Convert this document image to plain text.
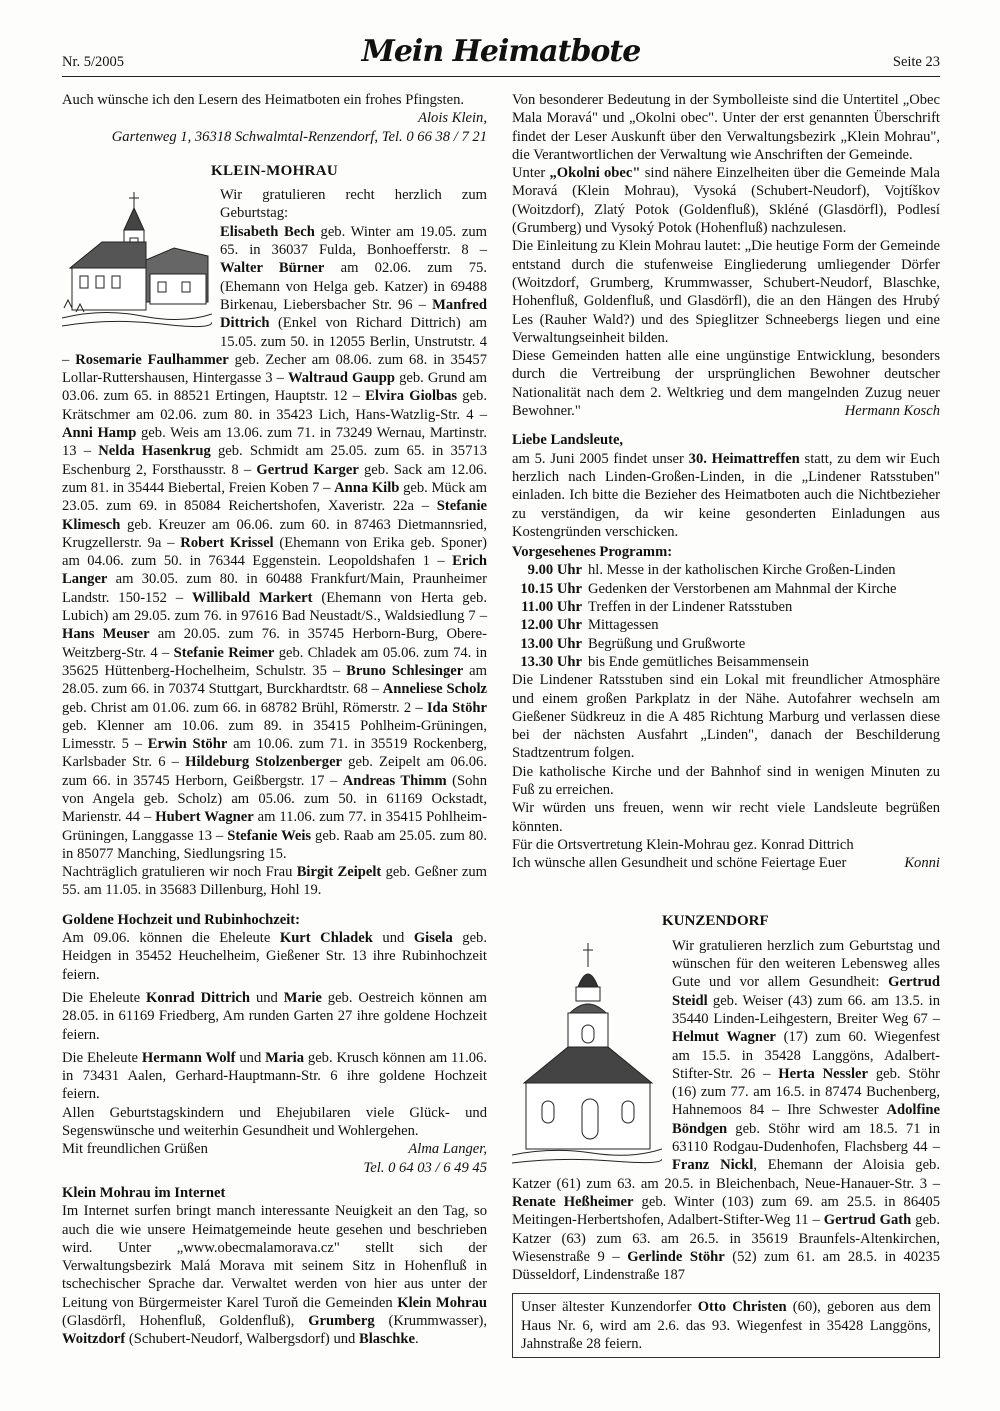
Nr. 5/2005	Mein Heimatbote	Seite 23

Auch wünsche ich den Lesern des Heimatboten ein frohes Pfingsten.

Alois Klein,

Gartenweg 1, 36318 Schwalmtal-Renzendorf, Tel. 0 66 38 / 7 21

KLEIN-MOHRAU

Wir gratulieren recht herzlich zum Geburtstag:

Elisabeth Bech geb. Winter am 19.05. zum 65. in 36037 Fulda, Bonhoefferstr. 8 – Walter Bürner am 02.06. zum 75. (Ehemann von Helga geb. Katzer) in 69488 Birkenau, Liebersbacher Str. 96 – Manfred Dittrich (Enkel von Richard Dittrich) am 15.05. zum 50. in 12055 Berlin, Unstrutstr. 4 – Rosemarie Faulhammer geb. Zecher am 08.06. zum 68. in 35457 Lollar-Ruttershausen, Hintergasse 3 – Waltraud Gaupp geb. Grund am 03.06. zum 65. in 88521 Ertingen, Hauptstr. 12 – Elvira Giolbas geb. Krätschmer am 02.06. zum 80. in 35423 Lich, Hans-Watzlig-Str. 4 – Anni Hamp geb. Weis am 13.06. zum 71. in 73249 Wernau, Martinstr. 13 – Nelda Hasenkrug geb. Schmidt am 25.05. zum 65. in 35713 Eschenburg 2, Forsthausstr. 8 – Gertrud Karger geb. Sack am 12.06. zum 81. in 35444 Biebertal, Freien Koben 7 – Anna Kilb geb. Mück am 23.05. zum 69. in 85084 Reichertshofen, Xaveristr. 22a – Stefanie Klimesch geb. Kreuzer am 06.06. zum 60. in 87463 Dietmannsried, Krugzellerstr. 9a – Robert Krissel (Ehemann von Erika geb. Sponer) am 04.06. zum 50. in 76344 Eggenstein. Leopoldshafen 1 – Erich Langer am 30.05. zum 80. in 60488 Frankfurt/Main, Praunheimer Landstr. 150-152 – Willibald Markert (Ehemann von Herta geb. Lubich) am 29.05. zum 76. in 97616 Bad Neustadt/S., Waldsiedlung 7 – Hans Meuser am 20.05. zum 76. in 35745 Herborn-Burg, Obere-Weitzberg-Str. 4 – Stefanie Reimer geb. Chladek am 05.06. zum 74. in 35625 Hüttenberg-Hochelheim, Schulstr. 35 – Bruno Schlesinger am 28.05. zum 66. in 70374 Stuttgart, Burckhardtstr. 68 – Anneliese Scholz geb. Christ am 01.06. zum 66. in 68782 Brühl, Römerstr. 2 – Ida Stöhr geb. Klenner am 10.06. zum 89. in 35415 Pohlheim-Grüningen, Limesstr. 5 – Erwin Stöhr am 10.06. zum 71. in 35519 Rockenberg, Karlsbader Str. 6 – Hildeburg Stolzenberger geb. Zeipelt am 06.06. zum 66. in 35745 Herborn, Geißbergstr. 17 – Andreas Thimm (Sohn von Angela geb. Scholz) am 05.06. zum 50. in 61169 Ockstadt, Marienstr. 44 – Hubert Wagner am 11.06. zum 77. in 35415 Pohlheim-Grüningen, Langgasse 13 – Stefanie Weis geb. Raab am 25.05. zum 80. in 85077 Manching, Siedlungsring 15.

Nachträglich gratulieren wir noch Frau Birgit Zeipelt geb. Geßner zum 55. am 11.05. in 35683 Dillenburg, Hohl 19.

Goldene Hochzeit und Rubinhochzeit:

Am 09.06. können die Eheleute Kurt Chladek und Gisela geb. Heidgen in 35452 Heuchelheim, Gießener Str. 13 ihre Rubinhochzeit feiern.

Die Eheleute Konrad Dittrich und Marie geb. Oestreich können am 28.05. in 61169 Friedberg, Am runden Garten 27 ihre goldene Hochzeit feiern.

Die Eheleute Hermann Wolf und Maria geb. Krusch können am 11.06. in 73431 Aalen, Gerhard-Hauptmann-Str. 6 ihre goldene Hochzeit feiern.

Allen Geburtstagskindern und Ehejubilaren viele Glück- und Segenswünsche und weiterhin Gesundheit und Wohlergehen.

Mit freundlichen Grüßen	Alma Langer,

Tel. 0 64 03 / 6 49 45

Klein Mohrau im Internet

Im Internet surfen bringt manch interessante Neuigkeit an den Tag, so auch die wie unsere Heimatgemeinde heute gesehen und beschrieben wird. Unter „www.obecmalamorava.cz" stellt sich der Verwaltungsbezirk Malá Morava mit seinem Sitz in Hohenfluß in tschechischer Sprache dar. Verwaltet werden von hier aus unter der Leitung von Bürgermeister Karel Turoň die Gemeinden Klein Mohrau (Glasdörfl, Hohenfluß, Goldenfluß), Grumberg (Krummwasser), Woitzdorf (Schubert-Neudorf, Walbergsdorf) und Blaschke.

Von besonderer Bedeutung in der Symbolleiste sind die Untertitel „Obec Mala Moravá" und „Okolni obec". Unter der erst genannten Überschrift findet der Leser Auskunft über den Verwaltungsbezirk „Klein Mohrau", die Verantwortlichen der Verwaltung wie Anschriften der Gemeinde.

Unter „Okolni obec" sind nähere Einzelheiten über die Gemeinde Mala Moravá (Klein Mohrau), Vysoká (Schubert-Neudorf), Vojtíškov (Woitzdorf), Zlatý Potok (Goldenfluß), Skléné (Glasdörfl), Podlesí (Grumberg) und Vysoký Potok (Hohenfluß) nachzulesen.

Die Einleitung zu Klein Mohrau lautet: „Die heutige Form der Gemeinde entstand durch die stufenweise Eingliederung umliegender Dörfer (Woitzdorf, Grumberg, Krummwasser, Schubert-Neudorf, Blaschke, Hohenfluß, Goldenfluß, und Glasdörfl), die an den Hängen des Hrubý Les (Rauher Wald?) und des Spieglitzer Schneebergs liegen und eine Verwaltungseinheit bilden.

Diese Gemeinden hatten alle eine ungünstige Entwicklung, besonders durch die Vertreibung der ursprünglichen Bewohner deutscher Nationalität nach dem 2. Weltkrieg und dem mangelnden Zuzug neuer Bewohner."	Hermann Kosch

Liebe Landsleute,

am 5. Juni 2005 findet unser 30. Heimattreffen statt, zu dem wir Euch herzlich nach Linden-Großen-Linden, in die „Lindener Ratsstuben" einladen. Ich bitte die Bezieher des Heimatboten auch die Nichtbezieher zu verständigen, da wir keine gesonderten Einladungen aus Kostengründen verschicken.

Vorgesehenes Programm:

9.00 Uhr hl. Messe in der katholischen Kirche Großen-Linden
10.15 Uhr Gedenken der Verstorbenen am Mahnmal der Kirche
11.00 Uhr Treffen in der Lindener Ratsstuben
12.00 Uhr Mittagessen
13.00 Uhr Begrüßung und Grußworte
13.30 Uhr bis Ende gemütliches Beisammensein

Die Lindener Ratsstuben sind ein Lokal mit freundlicher Atmosphäre und einem großen Parkplatz in der Nähe. Autofahrer wechseln am Gießener Südkreuz in die A 485 Richtung Marburg und verlassen diese bei der nächsten Ausfahrt „Linden", danach der Beschilderung Stadtzentrum folgen.

Die katholische Kirche und der Bahnhof sind in wenigen Minuten zu Fuß zu erreichen.

Wir würden uns freuen, wenn wir recht viele Landsleute begrüßen könnten.

Für die Ortsvertretung Klein-Mohrau gez. Konrad Dittrich

Ich wünsche allen Gesundheit und schöne Feiertage Euer	Konni

KUNZENDORF

Wir gratulieren herzlich zum Geburtstag und wünschen für den weiteren Lebensweg alles Gute und vor allem Gesundheit: Gertrud Steidl geb. Weiser (43) zum 66. am 13.5. in 35440 Linden-Leihgestern, Breiter Weg 67 – Helmut Wagner (17) zum 60. Wiegenfest am 15.5. in 35428 Langgöns, Adalbert-Stifter-Str. 26 – Herta Nessler geb. Stöhr (16) zum 77. am 16.5. in 87474 Buchenberg, Hahnemoos 84 – Ihre Schwester Adolfine Böndgen geb. Stöhr wird am 18.5. 71 in 63110 Rodgau-Dudenhofen, Flachsberg 44 – Franz Nickl, Ehemann der Aloisia geb. Katzer (61) zum 63. am 20.5. in Bleichenbach, Neue-Hanauer-Str. 3 – Renate Heßheimer geb. Winter (103) zum 69. am 25.5. in 86405 Meitingen-Herbertshofen, Adalbert-Stifter-Weg 11 – Gertrud Gath geb. Katzer (63) zum 63. am 26.5. in 35619 Braunfels-Altenkirchen, Wiesenstraße 9 – Gerlinde Stöhr (52) zum 61. am 28.5. in 40235 Düsseldorf, Lindenstraße 187

Unser ältester Kunzendorfer Otto Christen (60), geboren aus dem Haus Nr. 6, wird am 2.6. das 93. Wiegenfest in 35428 Langgöns, Jahnstraße 28 feiern.
